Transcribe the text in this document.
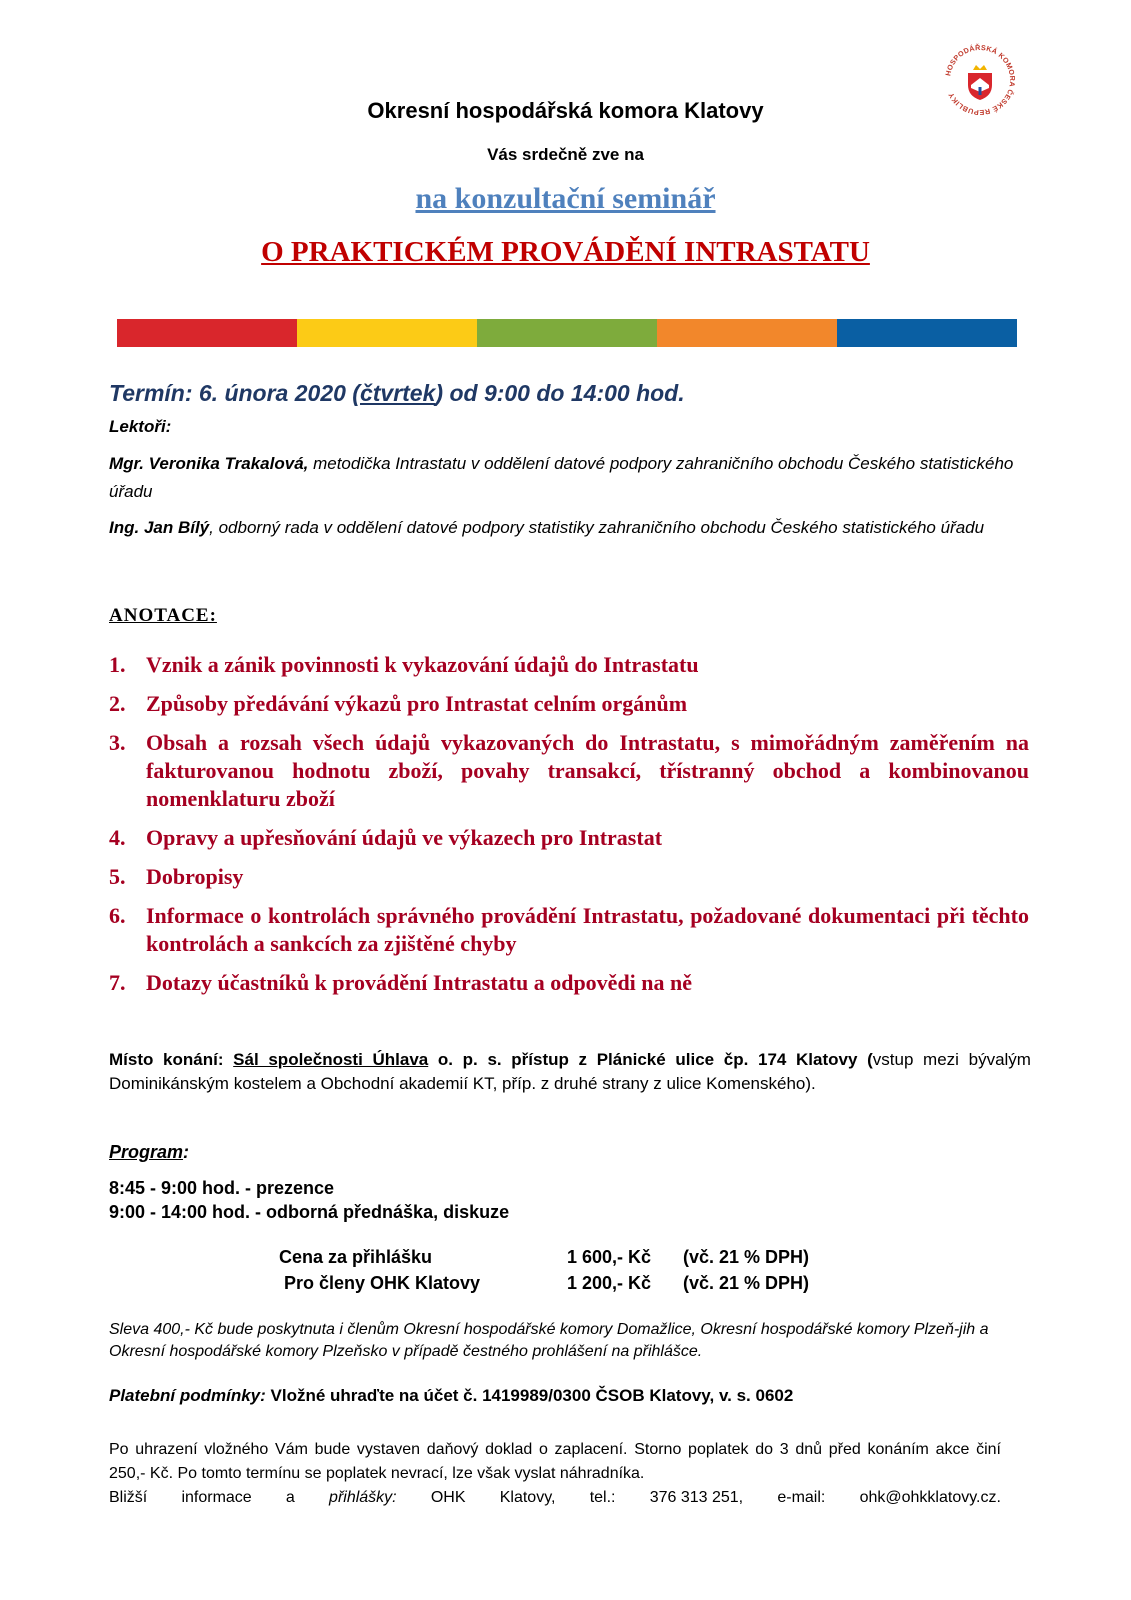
HOSPODÁŘSKÁ KOMORA ČESKÉ REPUBLIKY
Okresní hospodářská komora Klatovy
Vás srdečně zve na
na konzultační seminář
O PRAKTICKÉM PROVÁDĚNÍ INTRASTATU
Termín: 6. února 2020 (čtvrtek) od 9:00 do 14:00 hod.
Lektoři:
Mgr. Veronika Trakalová, metodička Intrastatu v oddělení datové podpory zahraničního obchodu Českého statistického úřadu
Ing. Jan Bílý, odborný rada v oddělení datové podpory statistiky zahraničního obchodu Českého statistického úřadu
ANOTACE:
1. Vznik a zánik povinnosti k vykazování údajů do Intrastatu
2. Způsoby předávání výkazů pro Intrastat celním orgánům
3. Obsah a rozsah všech údajů vykazovaných do Intrastatu, s mimořádným zaměřením na fakturovanou hodnotu zboží, povahy transakcí, třístranný obchod a kombinovanou nomenklaturu zboží
4. Opravy a upřesňování údajů ve výkazech pro Intrastat
5. Dobropisy
6. Informace o kontrolách správného provádění Intrastatu, požadované dokumentaci při těchto kontrolách a sankcích za zjištěné chyby
7. Dotazy účastníků k provádění Intrastatu a odpovědi na ně
Místo konání: Sál společnosti Úhlava o. p. s. přístup z Plánické ulice čp. 174 Klatovy (vstup mezi bývalým Dominikánským kostelem a Obchodní akademií KT, příp. z druhé strany z ulice Komenského).
Program:
8:45 - 9:00 hod. - prezence
9:00 - 14:00 hod. - odborná přednáška, diskuze
Cena za přihlášku	1 600,- Kč	(vč. 21 % DPH)
Pro členy OHK Klatovy	1 200,- Kč	(vč. 21 % DPH)
Sleva 400,- Kč bude poskytnuta i členům Okresní hospodářské komory Domažlice, Okresní hospodářské komory Plzeň-jih a Okresní hospodářské komory Plzeňsko v případě čestného prohlášení na přihlášce.
Platební podmínky: Vložné uhraďte na účet č. 1419989/0300 ČSOB Klatovy, v. s. 0602
Po uhrazení vložného Vám bude vystaven daňový doklad o zaplacení. Storno poplatek do 3 dnů před konáním akce činí 250,- Kč. Po tomto termínu se poplatek nevrací, lze však vyslat náhradníka.
Bližší informace a přihlášky: OHK Klatovy, tel.: 376 313 251, e-mail: ohk@ohkklatovy.cz.
